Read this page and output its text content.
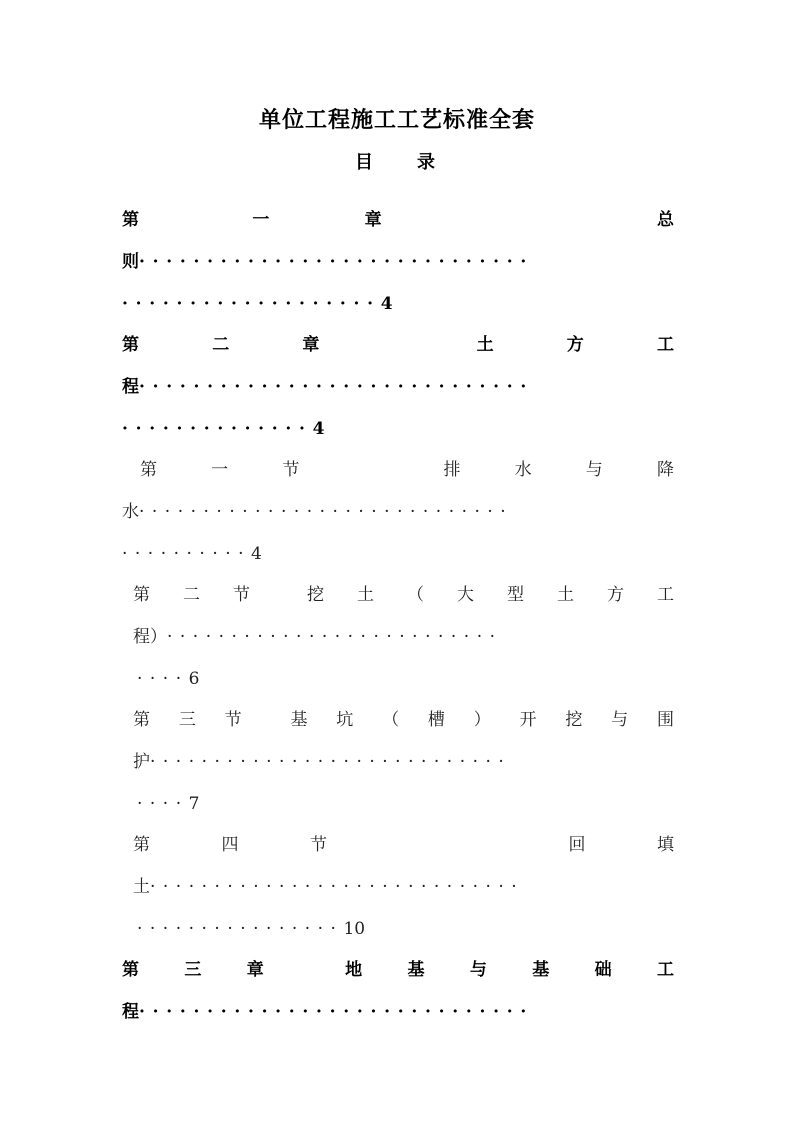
单位工程施工工艺标准全套
目 录
第	一	章	总
则 ·····························
··················· 4
第	二	章	土	方	工
程 ·····························
·············· 4
第	一	节	排	水	与	降
水 ·····························
·········· 4
第 二 节	挖 土 （ 大 型 土 方 工
程） ··························
···· 6
第 三 节	基 坑 （ 槽 ） 开 挖 与 围
护 ····························
···· 7
第	四	节	回	填
土 ·····························
················ 10
第	三	章	地	基	与	基	础	工
程 ·····························
